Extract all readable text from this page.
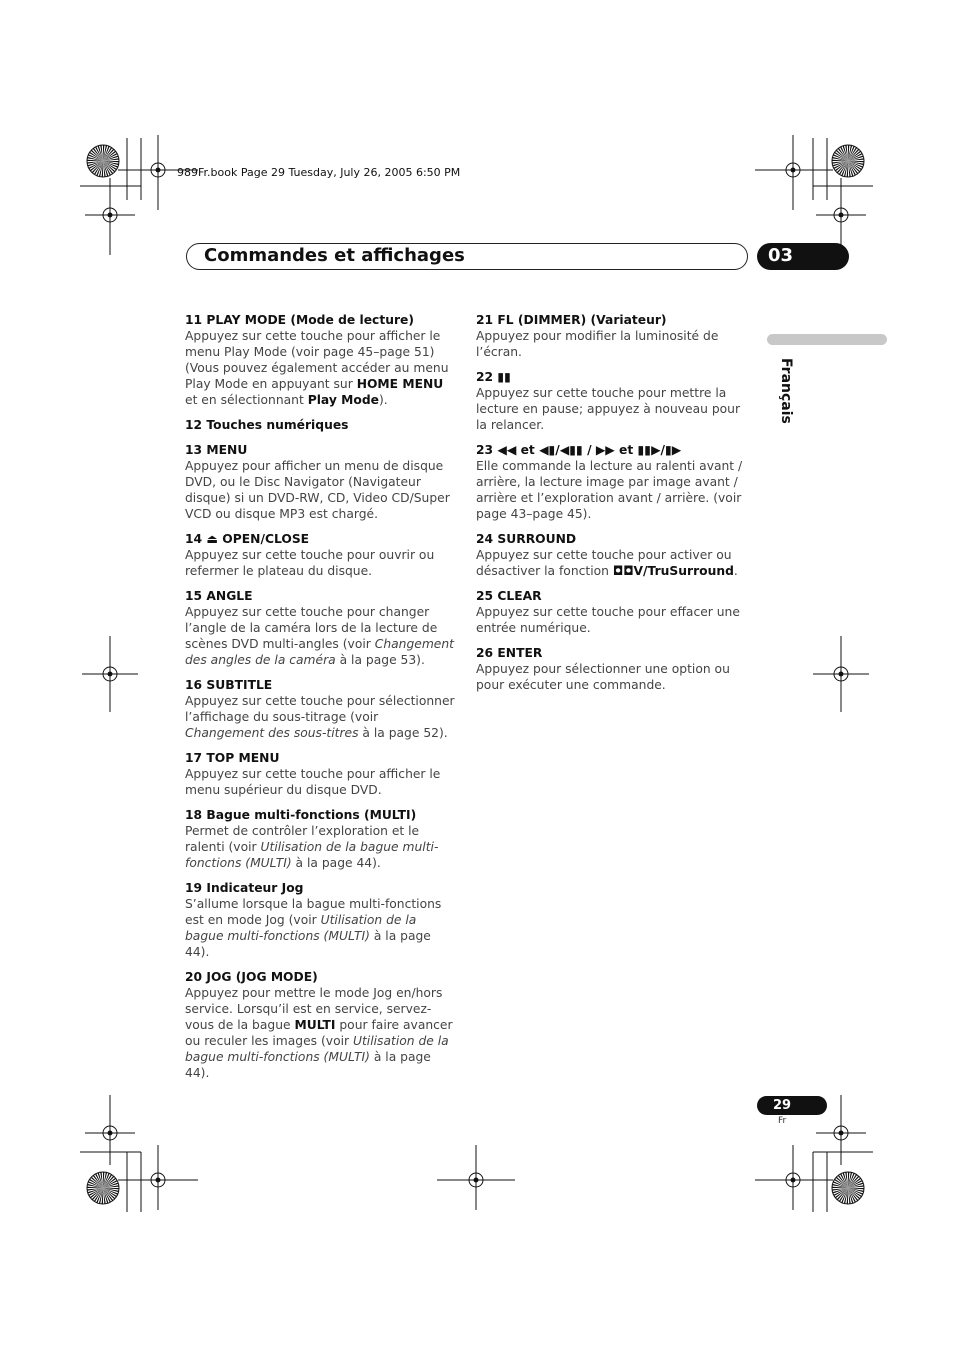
989Fr.book Page 29 Tuesday, July 26, 2005 6:50 PM
Commandes et affichages	03
Français
11 PLAY MODE (Mode de lecture)
Appuyez sur cette touche pour afficher le menu Play Mode (voir page 45–page 51) (Vous pouvez également accéder au menu Play Mode en appuyant sur HOME MENU et en sélectionnant Play Mode).
12 Touches numériques
13 MENU
Appuyez pour afficher un menu de disque DVD, ou le Disc Navigator (Navigateur disque) si un DVD-RW, CD, Video CD/Super VCD ou disque MP3 est chargé.
14 ⏏ OPEN/CLOSE
Appuyez sur cette touche pour ouvrir ou refermer le plateau du disque.
15 ANGLE
Appuyez sur cette touche pour changer l’angle de la caméra lors de la lecture de scènes DVD multi-angles (voir Changement des angles de la caméra à la page 53).
16 SUBTITLE
Appuyez sur cette touche pour sélectionner l’affichage du sous-titrage (voir Changement des sous-titres à la page 52).
17 TOP MENU
Appuyez sur cette touche pour afficher le menu supérieur du disque DVD.
18 Bague multi-fonctions (MULTI)
Permet de contrôler l’exploration et le ralenti (voir Utilisation de la bague multi-fonctions (MULTI) à la page 44).
19 Indicateur Jog
S’allume lorsque la bague multi-fonctions est en mode Jog (voir Utilisation de la bague multi-fonctions (MULTI) à la page 44).
20 JOG (JOG MODE)
Appuyez pour mettre le mode Jog en/hors service. Lorsqu’il est en service, servez-vous de la bague MULTI pour faire avancer ou reculer les images (voir Utilisation de la bague multi-fonctions (MULTI) à la page 44).
21 FL (DIMMER) (Variateur)
Appuyez pour modifier la luminosité de l’écran.
22 ▮▮
Appuyez sur cette touche pour mettre la lecture en pause; appuyez à nouveau pour la relancer.
23 ◀◀ et ◀▮/◀▮▮ / ▶▶ et ▮▮▶/▮▶
Elle commande la lecture au ralenti avant / arrière, la lecture image par image avant / arrière et l’exploration avant / arrière. (voir page 43–page 45).
24 SURROUND
Appuyez sur cette touche pour activer ou désactiver la fonction ◘◘V/TruSurround.
25 CLEAR
Appuyez sur cette touche pour effacer une entrée numérique.
26 ENTER
Appuyez pour sélectionner une option ou pour exécuter une commande.
29
Fr
